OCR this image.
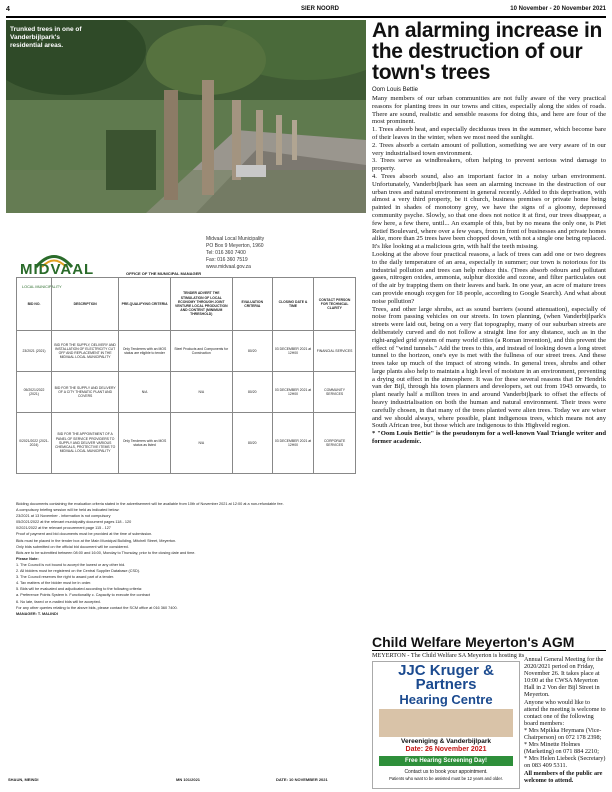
4	SIER NOORD	10 November - 20 November 2021
Trunked trees in one of Vanderbijlpark's residential areas.
MIDVAAL
LOCAL MUNICIPALITY
Midvaal Local Municipality
PO Box 9 Meyerton, 1960
Tel: 016 360 7400
Fax: 016 360 7519
www.midvaal.gov.za
OFFICE OF THE MUNICIPAL MANAGER
BID NO.	DESCRIPTION	PRE-QUALIFYING CRITERIA	TENDER ADVERT THE STIMULATION OF LOCAL ECONOMY THROUGH JOINT VENTURE LOCAL PRODUCTION AND CONTENT (MINIMUM THRESHOLD)	EVALUATION CRITERIA	CLOSING DATE & TIME	CONTACT PERSON FOR TECHNICAL CLARITY
23/2021 (2021)	BID FOR THE SUPPLY, DELIVERY AND INSTALLATION OF ELECTRICITY CUT OFF AND REPLACEMENT IN THE MIDVAAL LOCAL MUNICIPALITY	Only Tenderers with an MOS status are eligible to tender	Steel Products and Components for Construction	80/20	03 DECEMBER 2021 at 12H00	FINANCIAL SERVICES
05/2021/2022 (2021)	BID FOR THE SUPPLY AND DELIVERY OF A CITY THEMATIC PLANT AND COVERS	N/A	N/A	80/20	03 DECEMBER 2021 at 12H00	COMMUNITY SERVICES
0/2021/2022 (2021-2024)	BID FOR THE APPOINTMENT OF A PANEL OF SERVICE PROVIDERS TO SUPPLY AND DELIVER VARIOUS CHEMICALS, PROTECTIVE ITEMS TO MIDVAAL LOCAL MUNICIPALITY	Only Tenderers with an MOS status as listed	N/A	80/20	03 DECEMBER 2021 at 12H00	CORPORATE SERVICES
Bidding documents containing the evaluation criteria stated in the advertisement will be available from 10th of November 2021 at 12:00 at a non-refundable fee.
A compulsory briefing session will be held as indicated below:
23/2021 at 13 November - information is not compulsory
05/2021/2022 at the relevant municipality document pages 118 - 120
0/2021/2022 at the relevant procurement page 115 - 127
Proof of payment and bid documents must be provided at the time of submission.
Bids must be placed in the tender box at the Main Municipal Building, Mitchell Street, Meyerton.
Only bids submitted on the official bid document will be considered.
Bids are to be submitted between 08:00 and 16:00, Monday to Thursday, prior to the closing date and time.
Please Note:
1. The Council is not bound to accept the lowest or any other bid.
2. All bidders must be registered on the Central Supplier Database (CSD).
3. The Council reserves the right to award part of a tender.
4. Tax matters of the bidder must be in order.
5. Bids will be evaluated and adjudicated according to the following criteria:
a. Preference Points System b. Functionality c. Capacity to execute the contract
6. No late, faxed or e-mailed bids will be accepted.
For any other queries relating to the above bids, please contact the SCM office at 016 360 7400.
MANAGER: T. MALINDI
SHAUN, MEINDI	MN 101/2021	DATE: 10 NOVEMBER 2021
An alarming increase in the destruction of our town's trees
Oom Louis Bettie

Many members of our urban communities are not fully aware of the very practical reasons for planting trees in our towns and cities, especially along the sides of roads. There are sound, realistic and sensible reasons for doing this, and here are four of the most prominent.

1. Trees absorb heat, and especially deciduous trees in the summer, which become bare of their leaves in the winter, when we most need the sunlight.

2. Trees absorb a certain amount of pollution, something we are very aware of in our very industrialised town environment.

3. Trees serve as windbreakers, often helping to prevent serious wind damage to property.

4. Trees absorb sound, also an important factor in a noisy urban environment. Unfortunately, Vanderbijlpark has seen an alarming increase in the destruction of our urban trees and natural environment in general recently. Added to this deprivation, with almost a very third property, be it church, business premises or private home being painted in shades of monotony grey, we have the signs of a gloomy, depressed community psyche. Slowly, so that one does not notice it at first, our trees disappear, a few here, a few there, until... An example of this, but by no means the only one, is Piet Retief Boulevard, where over a few years, from in front of businesses and private homes alike, more than 25 trees have been chopped down, with not a single one being replaced. It's like looking at a malicious grin, with half the teeth missing.

Looking at the above four practical reasons, a lack of trees can add one or two degrees to the daily temperature of an area, especially in summer; our town is notorious for its industrial pollution and trees can help reduce this. (Trees absorb odours and pollutant gases, nitrogen oxides, ammonia, sulphur dioxide and ozone, and filter particulates out of the air by trapping them on their leaves and bark. In one year, an acre of mature trees can provide enough oxygen for 18 people, according to Google Search). And what about noise pollution?

Trees, and other large shrubs, act as sound barriers (sound attenuation), especially of noise from passing vehicles on our streets. In town planning, (when Vanderbijlpark's streets were laid out, being on a very flat topography, many of our suburban streets are deliberately curved and do not follow a straight line for any distance, such as in the right-angled grid system of many world cities (a Roman invention), and this prevent the effect of "wind tunnels." Add the trees to this, and instead of looking down a long street tunnel to the horizon, one's eye is met with the fullness of our street trees. And these trees take up much of the impact of strong winds. In general trees, shrubs and other large plants also help to maintain a high level of moisture in an environment, preventing a drying out effect in the atmosphere. It was for these several reasons that Dr Hendrik van der Bijl, through his town planners and developers, set out from 1943 onwards, to plant nearly half a million trees in and around Vanderbijlpark to offset the effects of heavy industrialisation on both the human and natural environment. Their trees were carefully chosen, in that many of the trees planted were alien trees. Today we are wiser and we should always, where possible, plant indigenous trees, which means not any South African tree, but those which are indigenous to this Highveld region.

* "Oom Louis Bettie" is the pseudonym for a well-known Vaal Triangle writer and former academic.

Child Welfare Meyerton's AGM
MEYERTON - The Child Welfare SA Meyerton is hosting its
Annual General Meeting for the 2020/2021 period on Friday, November 26. It takes place at 10:00 at the CWSA Meyerton Hall in 2 Von der Bijl Street in Meyerton.
Anyone who would like to attend the meeting is welcome to contact one of the following board members:
* Mrs Mpikka Heymans (Vice-Chairperson) on 072 178 2398;
* Mrs Minette Holmes (Marketing) on 071 884 2210;
* Mrs Helen Liebeck (Secretary) on 083 409 5311.
All members of the public are welcome to attend.
JJC Kruger & Partners
Hearing Centre
Vereeniging & Vanderbijlpark
Date: 26 November 2021
Free Hearing Screening Day!
Contact us to book your appointment.
Patients who want to be assisted must be 12 years and older.
